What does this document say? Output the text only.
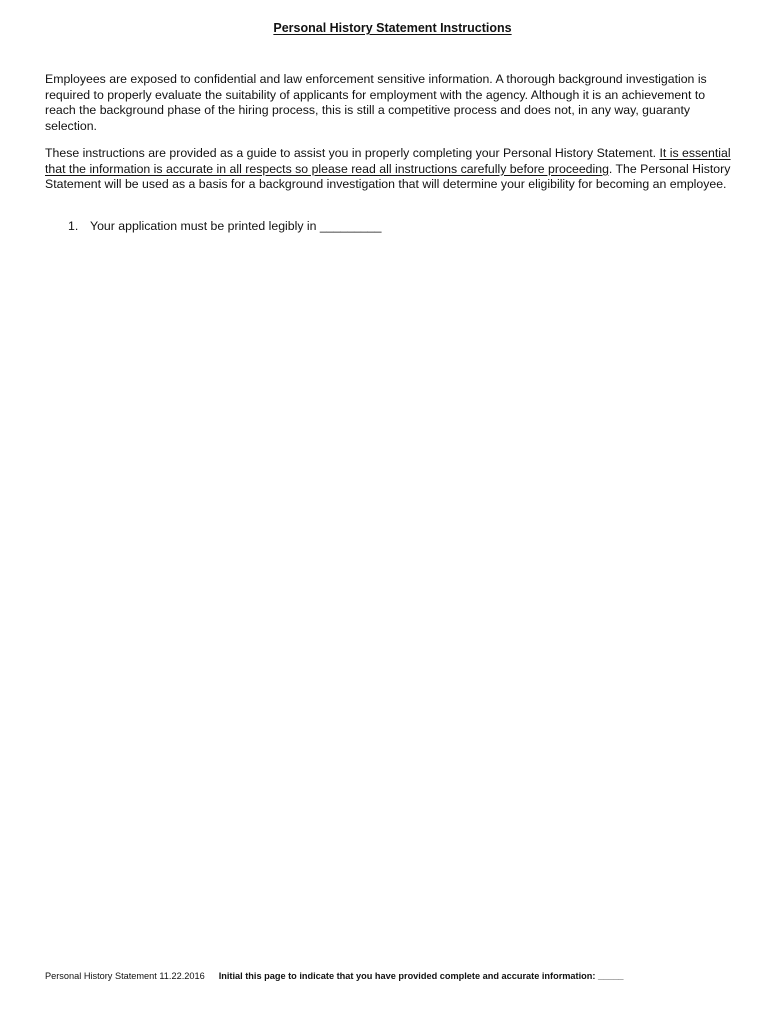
Personal History Statement Instructions

Employees are exposed to confidential and law enforcement sensitive information. A thorough background investigation is required to properly evaluate the suitability of applicants for employment with the agency. Although it is an achievement to reach the background phase of the hiring process, this is still a competitive process and does not, in any way, guaranty selection.

These instructions are provided as a guide to assist you in properly completing your Personal History Statement. It is essential that the information is accurate in all respects so please read all instructions carefully before proceeding. The Personal History Statement will be used as a basis for a background investigation that will determine your eligibility for becoming an employee.

1. Your application must be printed legibly in _________
Personal History Statement 11.22.2016 Initial this page to indicate that you have provided complete and accurate information: _____
